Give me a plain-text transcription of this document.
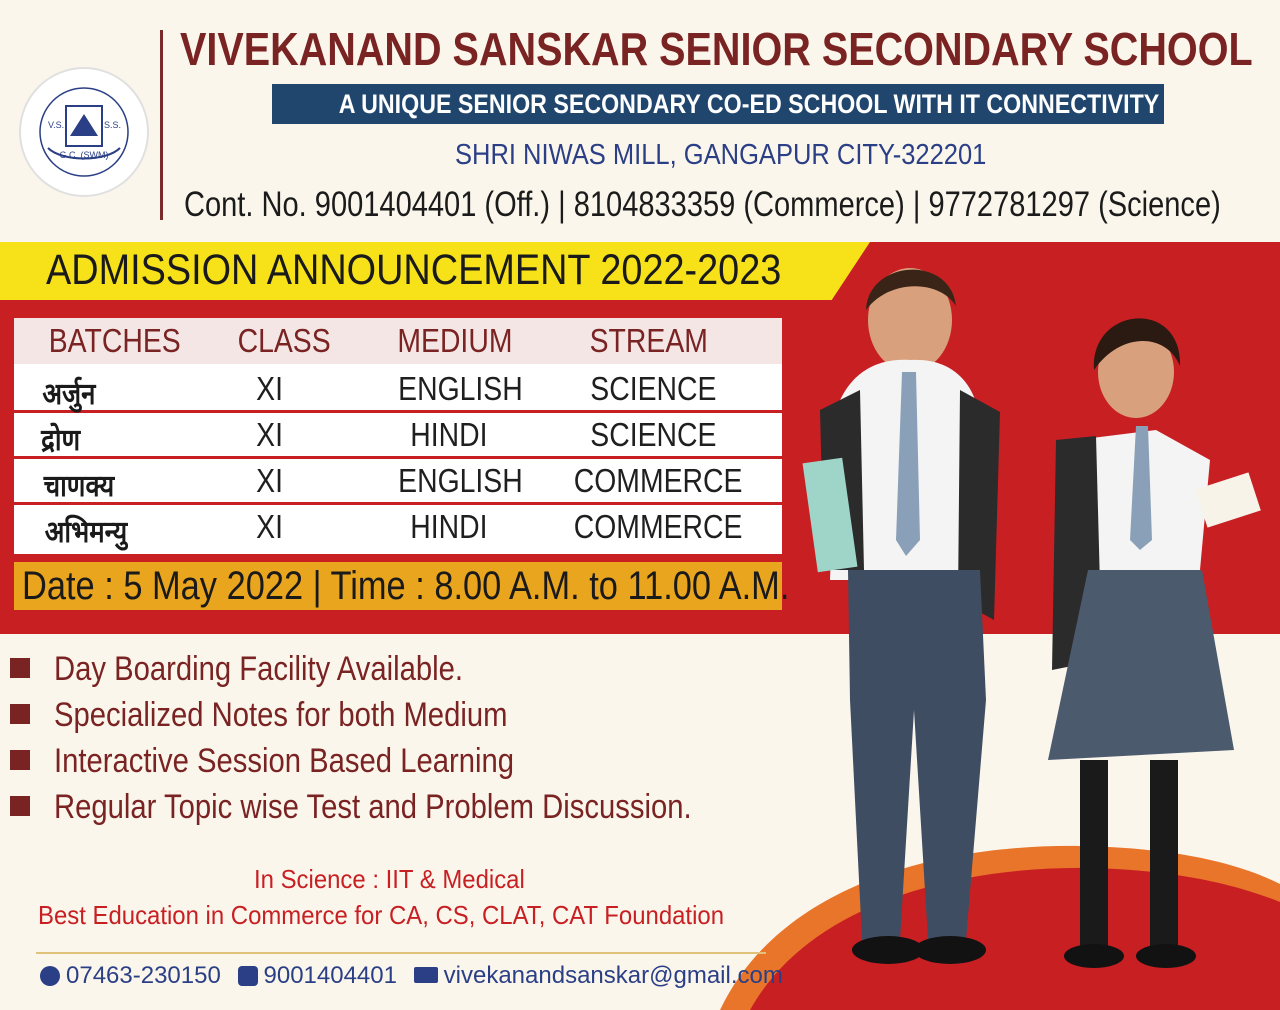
G.C. (SWM)
V.S.	S.S.
VIVEKANAND SANSKAR SENIOR SECONDARY SCHOOL
A UNIQUE SENIOR SECONDARY CO-ED SCHOOL WITH IT CONNECTIVITY
SHRI NIWAS MILL, GANGAPUR CITY-322201
Cont. No. 9001404401 (Off.) | 8104833359 (Commerce) | 9772781297 (Science)
ADMISSION ANNOUNCEMENT 2022-2023
BATCHES CLASS MEDIUM STREAM
अर्जुन	XI	ENGLISH SCIENCE
द्रोण	XI	HINDI	SCIENCE
चाणक्य	XI	ENGLISH COMMERCE
अभिमन्यु	XI	HINDI	COMMERCE
Date : 5 May 2022 | Time : 8.00 A.M. to 11.00 A.M.
Day Boarding Facility Available.
Specialized Notes for both Medium
Interactive Session Based Learning
Regular Topic wise Test and Problem Discussion.
In Science : IIT & Medical
Best Education in Commerce for CA, CS, CLAT, CAT Foundation
07463-230150 9001404401 vivekanandsanskar@gmail.com
